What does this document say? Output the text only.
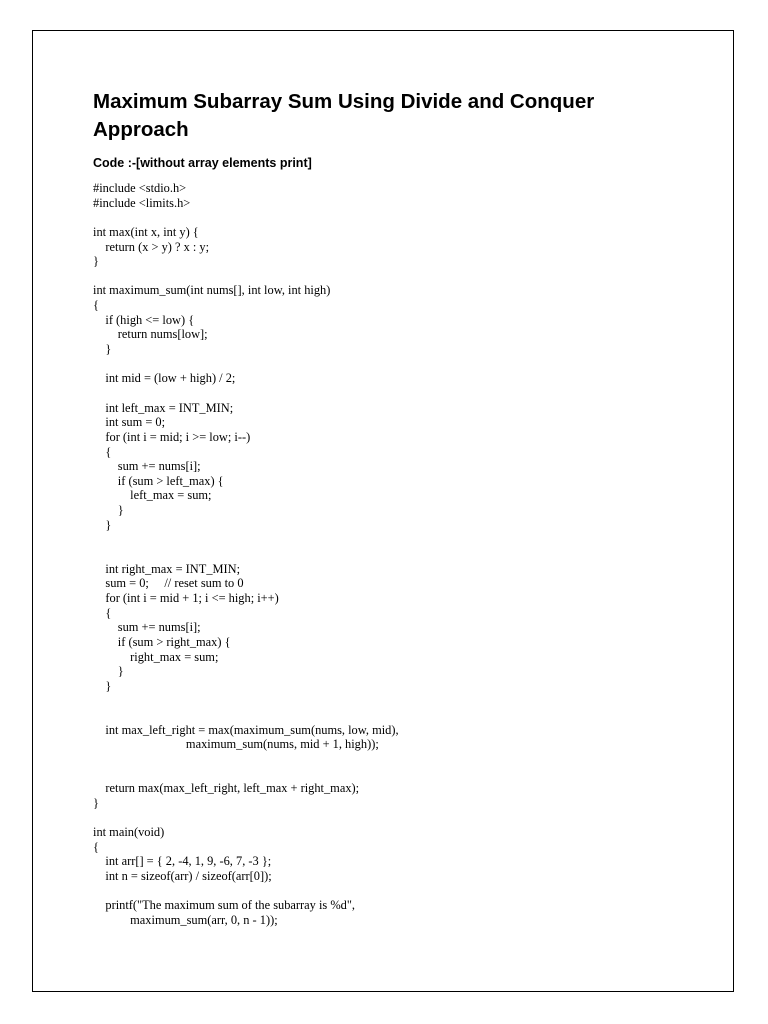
Maximum Subarray Sum Using Divide and Conquer Approach

Code :-[without array elements print]

#include <stdio.h>
#include <limits.h>

int max(int x, int y) {
return (x > y) ? x : y;
}

int maximum_sum(int nums[], int low, int high)
{
if (high <= low) {
return nums[low];
}

int mid = (low + high) / 2;

int left_max = INT_MIN;
int sum = 0;
for (int i = mid; i >= low; i--)
{
sum += nums[i];
if (sum > left_max) {
left_max = sum;
}
}

int right_max = INT_MIN;
sum = 0;     // reset sum to 0
for (int i = mid + 1; i <= high; i++)
{
sum += nums[i];
if (sum > right_max) {
right_max = sum;
}
}

int max_left_right = max(maximum_sum(nums, low, mid),
maximum_sum(nums, mid + 1, high));

return max(max_left_right, left_max + right_max);
}

int main(void)
{
int arr[] = { 2, -4, 1, 9, -6, 7, -3 };
int n = sizeof(arr) / sizeof(arr[0]);

printf("The maximum sum of the subarray is %d",
maximum_sum(arr, 0, n - 1));
